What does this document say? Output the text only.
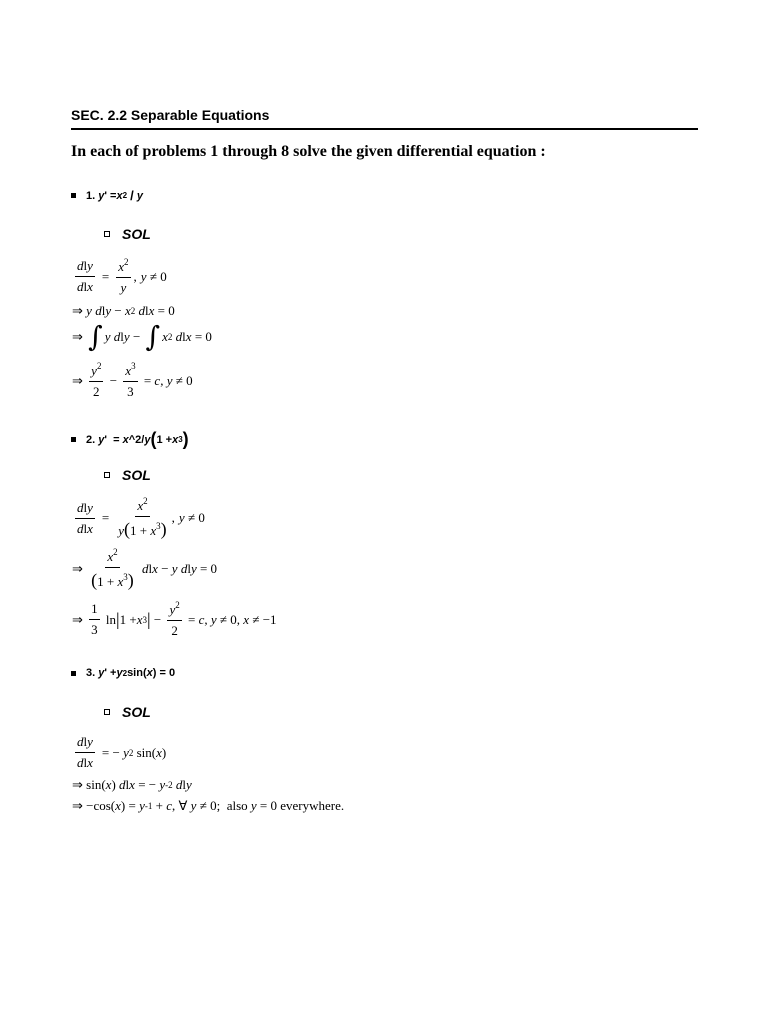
SEC. 2.2 Separable Equations
In each of problems 1 through 8 solve the given differential equation :
1.
y ' = x 2
/
y
SOL
$\frac{\text{dly}}{\text{dlx}} = \frac{x^2}{y}$ , y ≠ 0
⇒ y
d l y − x 2
d l x = 0
⇒ ∫ y
d l y − ∫ x 2
d l x = 0
⇒ $\frac{y^2}{2} - \frac{x^3}{3} = c$ , y ≠ 0
2.
y '  = x ^2/ y ( 1 + x 3 )
SOL
$\frac{\text{dly}}{\text{dlx}} = \frac{x^2}{y(1 + x^3)}$ , y ≠ 0
⇒ $\frac{x^2}{(1 + x^3)}$
d l x − y
d l y = 0
⇒ $\frac{1}{3}$ ln | 1 + x 3 | − $\frac{y^2}{2} = c$ , y ≠ 0, x ≠ −1
3.
y ' + y 2 sin( x ) = 0
SOL
$\frac{\text{dly}}{\text{dlx}}$ = − y 2 sin( x )
⇒ sin( x ) d l x = − y -2
d l y
⇒ −cos( x ) = y -1 + c , ∀ y ≠ 0; also
y = 0 everywhere.
